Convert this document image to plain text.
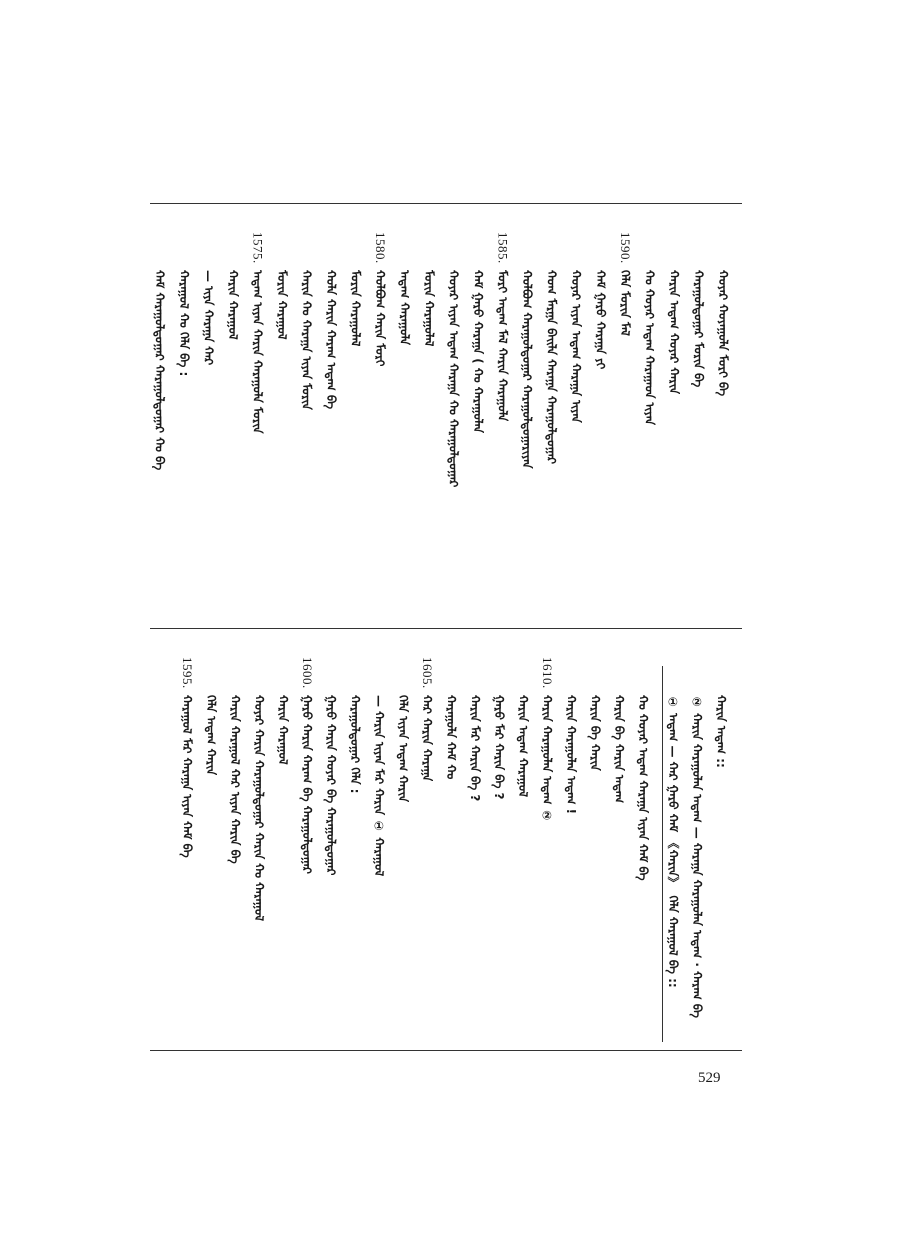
ᠬᠣᠶᠠᠷ ᠬᠣᠶᠠᠭᠤᠯᠠ ᠮᠣᠷᠢ ᠪᠠ
ᠬᠠᠷᠠᠭᠤᠯᠳᠤᠭᠠᠷ ᠮᠣᠷᠢᠨ ᠪᠠ
ᠬᠠᠷᠢᠨ ᠠᠳᠠᠭ ᠬᠣᠶᠠᠷ ᠬᠠᠷᠢᠨ
ᠬᠣ ᠬᠣᠶᠠᠷ ᠠᠳᠠᠭ ᠬᠠᠷᠠᠭᠠᠳ ᠢᠶᠡᠨ
1590.
ᠬᠡᠯᠡ ᠮᠣᠷᠢᠨ ᠮᠠᠯ
ᠬᠠᠮ ᠭᠠᠷᠤ ᠬᠠᠷᠠᠭᠠ ᠶᠢ
ᠬᠣᠶᠠᠷ ᠢᠶᠡᠨ ᠠᠳᠠᠭ ᠬᠠᠷᠠᠭᠠ ᠢᠶᠡᠨ
ᠬᠣᠭ ᠮᠠᠷᠭᠠ ᠪᠠᠢᠯᠠ ᠬᠠᠷᠠᠭᠠ ᠬᠠᠷᠠᠭᠤᠯᠳᠤᠭᠠᠷ
ᠬᠣᠯᠪᠣᠭ ᠬᠠᠷᠠᠭᠤᠯᠳᠤᠭᠠᠷ ᠬᠠᠷᠠᠭᠤᠯᠳᠤᠭᠠᠷᠢᠶᠠᠨ
1585.
ᠮᠣᠷᠢ ᠠᠳᠠᠭ ᠮᠠᠯ ᠬᠠᠷᠢᠨ ᠬᠠᠷᠠᠭᠤᠯᠠ
ᠬᠠᠮ ᠭᠠᠷᠤ ᠬᠠᠷᠠᠭᠠ ( ᠬᠣ ᠬᠠᠷᠠᠭᠤᠯᠠᠨ
ᠬᠣᠶᠠᠷ ᠢᠶᠡᠨ ᠠᠳᠠᠭ ᠬᠠᠷᠠᠭᠠ ᠬᠣ ᠬᠠᠷᠠᠭᠤᠯᠳᠤᠭᠠᠷ
ᠮᠣᠷᠢᠨ ᠬᠠᠷᠠᠭᠤᠯᠠᠯ
ᠠᠳᠠᠭ ᠬᠠᠷᠠᠭᠤᠯᠠ
1580.
ᠬᠣᠯᠪᠣᠭ ᠬᠠᠷᠢᠨ ᠮᠣᠷᠢ
ᠮᠣᠷᠢᠨ ᠬᠠᠷᠠᠭᠤᠯᠠᠯ
ᠬᠣᠯᠠ ᠬᠠᠷᠢᠨ ᠬᠠᠷᠠᠭ ᠠᠳᠠᠭ ᠪᠠ
ᠬᠠᠷᠢᠨ ᠬᠣ ᠬᠠᠷᠠᠭᠠ ᠢᠶᠡᠨ ᠮᠣᠷᠢᠨ
ᠮᠣᠷᠢᠨ ᠬᠠᠷᠠᠭᠤᠯ
1575.
ᠠᠳᠠᠭ ᠢᠶᠡᠨ ᠬᠠᠷᠢᠨ ᠬᠠᠷᠠᠭᠤᠯᠠ ᠮᠣᠷᠢᠨ
ᠬᠠᠷᠢᠨ ᠬᠠᠷᠠᠭᠤᠯ
— ᠢᠶᠡ ᠬᠠᠷᠠᠭᠠ ᠬᠠᠷ
ᠬᠠᠷᠠᠭᠤᠯ ᠬᠣ ᠬᠡᠯᠡ ᠪᠠ :
ᠬᠠᠮ ᠬᠠᠷᠠᠭᠤᠯᠳᠤᠭᠠᠷ ᠬᠠᠷᠠᠭᠤᠯᠳᠤᠭᠠᠷ ᠬᠣ ᠪᠠ
ᠬᠠᠷᠢᠨ ᠠᠳᠠᠭ ::
② ᠬᠠᠷᠢᠨ ᠬᠠᠷᠠᠭᠤᠯᠠᠨ ᠠᠳᠠᠭ — ᠬᠠᠷᠠᠭᠠ ᠬᠠᠷᠠᠭᠤᠯᠠᠨ ᠠᠳᠠᠭ · ᠬᠠᠷᠠᠭ ᠪᠠ
① ᠠᠳᠠᠭ — ᠬᠠᠷ ᠭᠠᠷᠤ ᠬᠠᠮ 《ᠬᠠᠷᠢᠨ》 ᠬᠡᠯᠡ ᠬᠠᠷᠠᠭᠤᠯ ᠪᠠ ::
ᠬᠣ ᠬᠣᠶᠠᠷ ᠠᠳᠠᠭ ᠬᠠᠷᠠᠭᠠ ᠢᠶᠡᠨ ᠬᠠᠮ ᠪᠠ
ᠬᠠᠷᠢᠨ ᠪᠠ ᠬᠠᠷᠢᠨ ᠠᠳᠠᠭ
ᠬᠠᠷᠢᠨ ᠪᠠ ᠬᠠᠷᠢᠨ
ᠬᠠᠷᠢᠨ ᠬᠠᠷᠠᠭᠤᠯᠠᠨ ᠠᠳᠠᠭ !
1610.
ᠬᠠᠷᠢᠨ ᠬᠠᠷᠠᠭᠤᠯᠠᠨ ᠠᠳᠠᠭ ②
ᠬᠠᠷᠢᠨ ᠠᠳᠠᠭ ᠬᠠᠷᠠᠭᠤᠯ
ᠭᠠᠷᠤ ᠮᠠᠷ ᠬᠠᠷᠢᠨ ᠪᠠ ?
ᠬᠠᠷᠢᠨ ᠮᠠᠷ ᠬᠠᠷᠢᠨ ᠪᠠ ?
ᠬᠠᠷᠠᠭᠤᠯᠠ ᠬᠠᠮ ᠬᠣ
1605.
ᠬᠠᠷ ᠬᠠᠷᠢᠨ ᠬᠠᠷᠠᠭᠠ
ᠬᠡᠯᠡ ᠢᠶᠡᠨ ᠠᠳᠠᠭ ᠬᠠᠷᠢᠨ
— ᠬᠠᠷᠢᠨ ᠢᠶᠡᠨ ᠮᠠᠷ ᠬᠠᠷᠢᠨ ① ᠬᠠᠷᠠᠭᠤᠯ
ᠬᠠᠷᠠᠭᠤᠯᠳᠤᠭᠠᠷ ᠬᠡᠯᠡ :
ᠭᠠᠷᠤ ᠬᠠᠷᠢᠨ ᠬᠣᠶᠠᠷ ᠪᠠ ᠬᠠᠷᠠᠭᠤᠯᠳᠤᠭᠠᠷ
1600.
ᠭᠠᠷᠤ ᠬᠠᠷᠢᠨ ᠬᠠᠷᠠᠭ ᠪᠠ ᠬᠠᠷᠠᠭᠤᠯᠳᠤᠭᠠᠷ
ᠬᠠᠷᠢᠨ ᠬᠠᠷᠠᠭᠤᠯ
ᠬᠣᠶᠠᠷ ᠬᠠᠷᠢᠨ ᠬᠠᠷᠠᠭᠤᠯᠳᠤᠭᠠᠷ ᠬᠠᠷᠢᠨ ᠬᠣ ᠬᠠᠷᠠᠭᠤᠯ
ᠬᠠᠷᠢᠨ ᠬᠠᠷᠠᠭᠤᠯ ᠬᠠᠷ ᠢᠶᠡᠨ ᠬᠠᠷᠢᠨ ᠪᠠ
ᠬᠡᠯᠡ ᠠᠳᠠᠭ ᠬᠠᠷᠢᠨ
1595.
ᠬᠠᠷᠠᠭᠤᠯ ᠮᠠᠷ ᠬᠠᠷᠠᠭᠠ ᠢᠶᠡᠨ ᠬᠠᠮ ᠪᠠ
529
